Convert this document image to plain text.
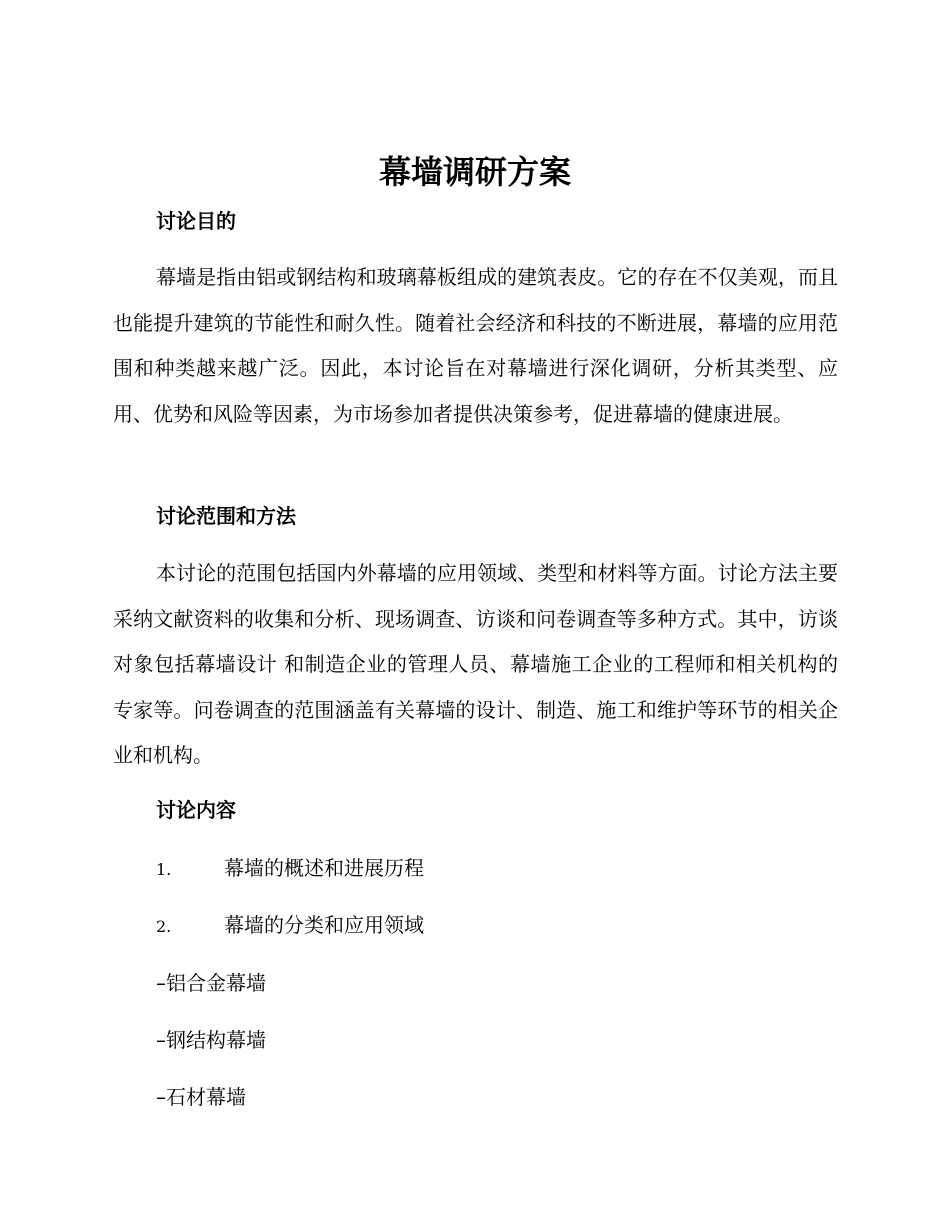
幕墙调研方案
讨论目的

幕墙是指由铝或钢结构和玻璃幕板组成的建筑表皮。它的存在不仅美观，而且也能提升建筑的节能性和耐久性。随着社会经济和科技的不断进展，幕墙的应用范围和种类越来越广泛。因此，本讨论旨在对幕墙进行深化调研，分析其类型、应用、优势和风险等因素，为市场参加者提供决策参考，促进幕墙的健康进展。

讨论范围和方法

本讨论的范围包括国内外幕墙的应用领域、类型和材料等方面。讨论方法主要采纳文献资料的收集和分析、现场调查、访谈和问卷调查等多种方式。其中，访谈对象包括幕墙设计 和制造企业的管理人员、幕墙施工企业的工程师和相关机构的专家等。问卷调查的范围涵盖有关幕墙的设计、制造、施工和维护等环节的相关企业和机构。

讨论内容
1.	幕墙的概述和进展历程
2.	幕墙的分类和应用领域
–铝合金幕墙
–钢结构幕墙
–石材幕墙
